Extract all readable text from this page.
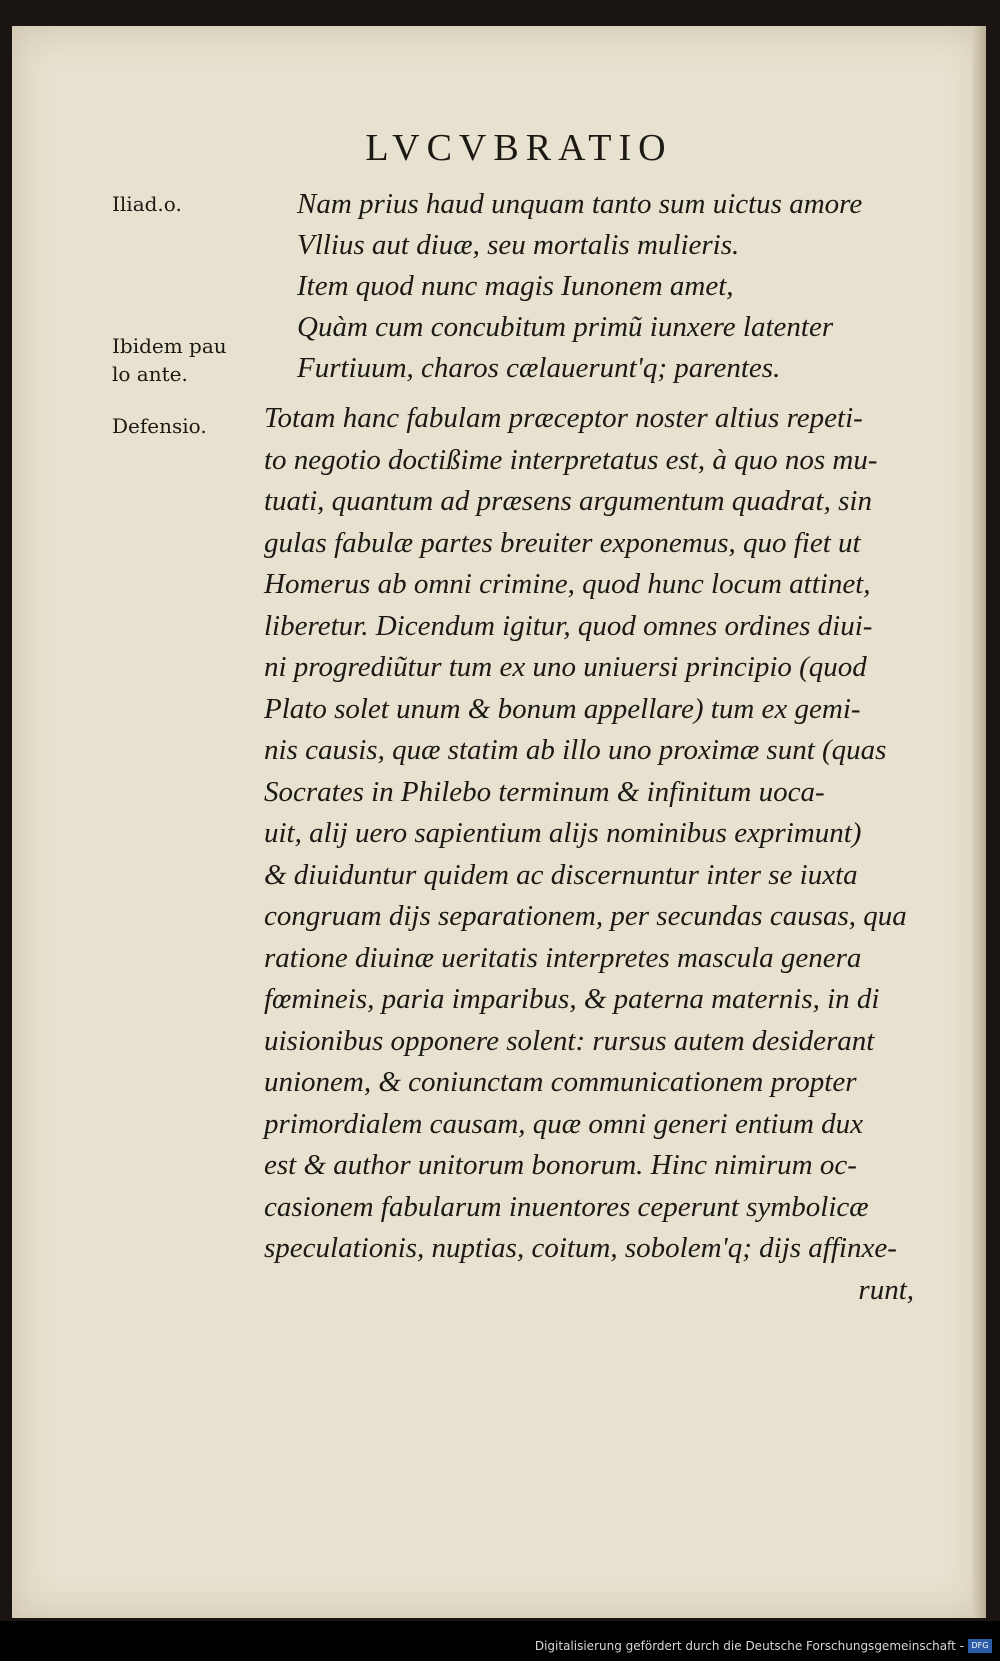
LVCVBRATIO
Iliad.o.
Ibidem pau
lo ante.
Defensio.
Nam prius haud unquam tanto sum uictus amore
Vllius aut diuæ, seu mortalis mulieris.
Item quod nunc magis Iunonem amet,
Quàm cum concubitum primũ iunxere latenter
Furtiuum, charos cælauerunt'q; parentes.
Totam hanc fabulam præceptor noster altius repeti-
to negotio doctißime interpretatus est, à quo nos mu-
tuati, quantum ad præsens argumentum quadrat, sin
gulas fabulæ partes breuiter exponemus, quo fiet ut
Homerus ab omni crimine, quod hunc locum attinet,
liberetur. Dicendum igitur, quod omnes ordines diui-
ni progrediũtur tum ex uno uniuersi principio (quod
Plato solet unum & bonum appellare) tum ex gemi-
nis causis, quæ statim ab illo uno proximæ sunt (quas
Socrates in Philebo terminum & infinitum uoca-
uit, alij uero sapientium alijs nominibus exprimunt)
& diuiduntur quidem ac discernuntur inter se iuxta
congruam dijs separationem, per secundas causas, qua
ratione diuinæ ueritatis interpretes mascula genera
fœmineis, paria imparibus, & paterna maternis, in di
uisionibus opponere solent: rursus autem desiderant
unionem, & coniunctam communicationem propter
primordialem causam, quæ omni generi entium dux
est & author unitorum bonorum. Hinc nimirum oc-
casionem fabularum inuentores ceperunt symbolicæ
speculationis, nuptias, coitum, sobolem'q; dijs affinxe-
runt,
Digitalisierung gefördert durch die Deutsche Forschungsgemeinschaft - DFG
